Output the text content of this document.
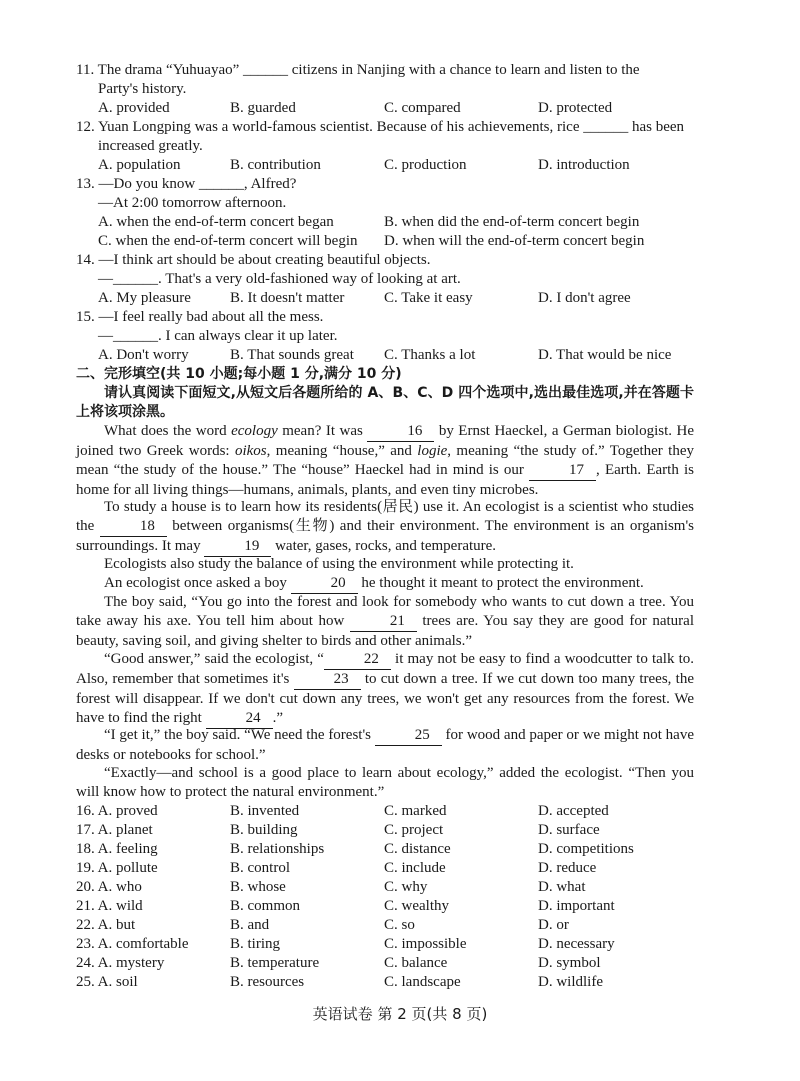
11. The drama “Yuhuayao” ______ citizens in Nanjing with a chance to learn and listen to the
Party's history.
A. provided	B. guarded	C. compared	D. protected
12. Yuan Longping was a world-famous scientist. Because of his achievements, rice ______ has been
increased greatly.
A. population	B. contribution	C. production	D. introduction
13. —Do you know ______, Alfred?
—At 2:00 tomorrow afternoon.
A. when the end-of-term concert began	B. when did the end-of-term concert begin
C. when the end-of-term concert will begin D. when will the end-of-term concert begin
14. —I think art should be about creating beautiful objects.
—______. That's a very old-fashioned way of looking at art.
A. My pleasure	B. It doesn't matter	C. Take it easy	D. I don't agree
15. —I feel really bad about all the mess.
—______. I can always clear it up later.
A. Don't worry	B. That sounds great C. Thanks a lot	D. That would be nice
二、完形填空(共 10 小题;每小题 1 分,满分 10 分)
请认真阅读下面短文,从短文后各题所给的 A、B、C、D 四个选项中,选出最佳选项,并在答题卡上将该项涂黑。
What does the word ecology mean? It was	16 by Ernst Haeckel, a German biologist. He joined two Greek words: oikos, meaning “house,” and logie, meaning “the study of.” Together they mean “the study of the house.” The “house” Haeckel had in mind is our	17 , Earth. Earth is home for all living things—humans, animals, plants, and even tiny microbes.
To study a house is to learn how its residents(居民) use it. An ecologist is a scientist who studies the	18 between organisms(生物) and their environment. The environment is an organism's surroundings. It may	19 water, gases, rocks, and temperature.
Ecologists also study the balance of using the environment while protecting it.
An ecologist once asked a boy	20 he thought it meant to protect the environment.
The boy said, “You go into the forest and look for somebody who wants to cut down a tree. You take away his axe. You tell him about how	21 trees are. You say they are good for natural beauty, saving soil, and giving shelter to birds and other animals.”
“Good answer,” said the ecologist, “	22 it may not be easy to find a woodcutter to talk to. Also, remember that sometimes it's	23 to cut down a tree. If we cut down too many trees, the forest will disappear. If we don't cut down any trees, we won't get any resources from the forest. We have to find the right	24 .”
“I get it,” the boy said. “We need the forest's	25 for wood and paper or we might not have desks or notebooks for school.”
“Exactly—and school is a good place to learn about ecology,” added the ecologist. “Then you will know how to protect the natural environment.”
16. A. proved	B. invented	C. marked	D. accepted
17. A. planet	B. building	C. project	D. surface
18. A. feeling	B. relationships	C. distance	D. competitions
19. A. pollute	B. control	C. include	D. reduce
20. A. who	B. whose	C. why	D. what
21. A. wild	B. common	C. wealthy	D. important
22. A. but	B. and	C. so	D. or
23. A. comfortable	B. tiring	C. impossible	D. necessary
24. A. mystery	B. temperature	C. balance	D. symbol
25. A. soil	B. resources	C. landscape	D. wildlife
英语试卷 第 2 页(共 8 页)
